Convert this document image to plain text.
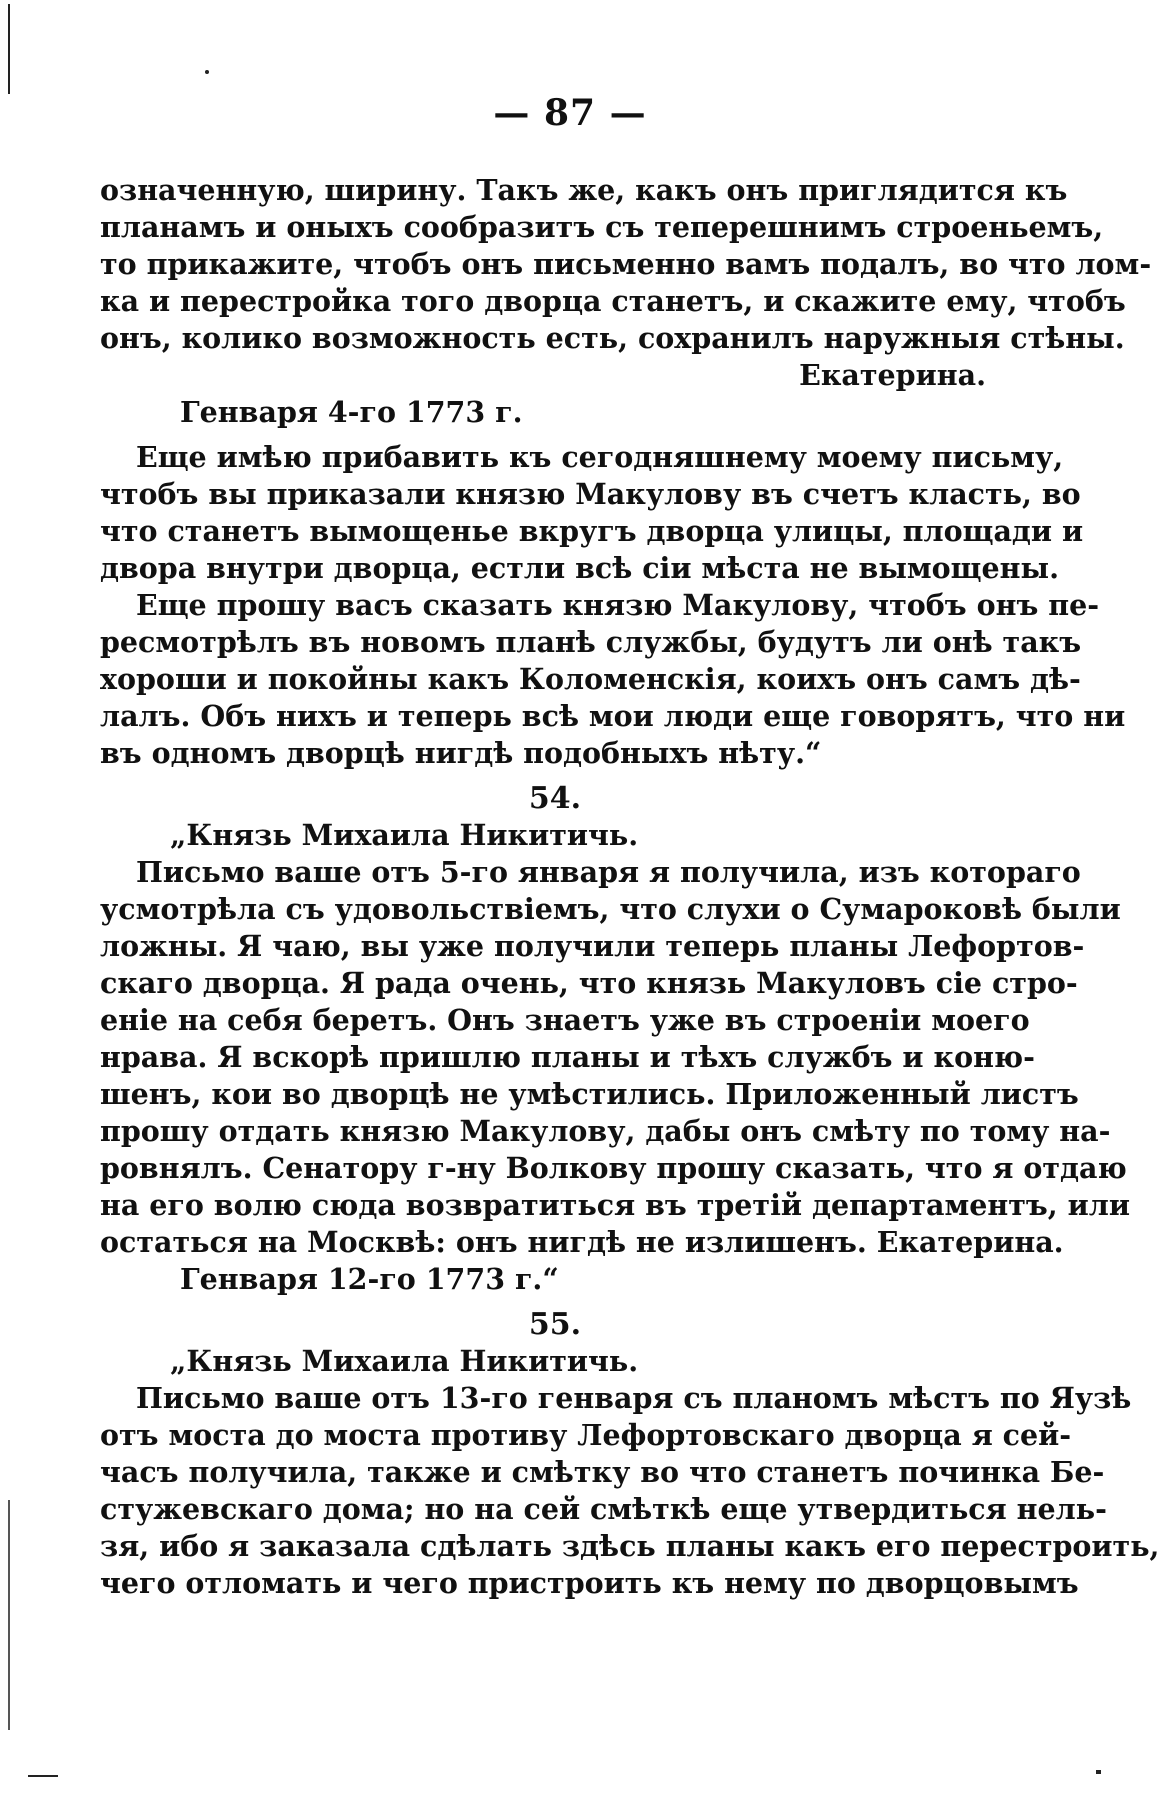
— 87 —
означенную, ширину. Такъ же, какъ онъ приглядится къ
планамъ и оныхъ сообразитъ съ теперешнимъ строеньемъ,
то прикажите, чтобъ онъ письменно вамъ подалъ, во что лом-
ка и перестройка того дворца станетъ, и скажите ему, чтобъ
онъ, колико возможность есть, сохранилъ наружныя стѣны.
Екатерина.
Генваря 4-го 1773 г.
Еще имѣю прибавить къ сегодняшнему моему письму,
чтобъ вы приказали князю Макулову въ счетъ класть, во
что станетъ вымощенье вкругъ дворца улицы, площади и
двора внутри дворца, естли всѣ сіи мѣста не вымощены.
Еще прошу васъ сказать князю Макулову, чтобъ онъ пе-
ресмотрѣлъ въ новомъ планѣ службы, будутъ ли онѣ такъ
хороши и покойны какъ Коломенскія, коихъ онъ самъ дѣ-
лалъ. Объ нихъ и теперь всѣ мои люди еще говорятъ, что ни
въ одномъ дворцѣ нигдѣ подобныхъ нѣту.“
54.
„Князь Михаила Никитичь.
Письмо ваше отъ 5-го января я получила, изъ котораго
усмотрѣла съ удовольствіемъ, что слухи о Сумароковѣ были
ложны. Я чаю, вы уже получили теперь планы Лефортов-
скаго дворца. Я рада очень, что князь Макуловъ сіе стро-
еніе на себя беретъ. Онъ знаетъ уже въ строеніи моего
нрава. Я вскорѣ пришлю планы и тѣхъ службъ и коню-
шенъ, кои во дворцѣ не умѣстились. Приложенный листъ
прошу отдать князю Макулову, дабы онъ смѣту по тому на-
ровнялъ. Сенатору г-ну Волкову прошу сказать, что я отдаю
на его волю сюда возвратиться въ третій департаментъ, или
остаться на Москвѣ: онъ нигдѣ не излишенъ. Екатерина.
Генваря 12-го 1773 г.“
55.
„Князь Михаила Никитичь.
Письмо ваше отъ 13-го генваря съ планомъ мѣстъ по Яузѣ
отъ моста до моста противу Лефортовскаго дворца я сей-
часъ получила, также и смѣтку во что станетъ починка Бе-
стужевскаго дома; но на сей смѣткѣ еще утвердиться нель-
зя, ибо я заказала сдѣлать здѣсь планы какъ его перестроить,
чего отломать и чего пристроить къ нему по дворцовымъ
